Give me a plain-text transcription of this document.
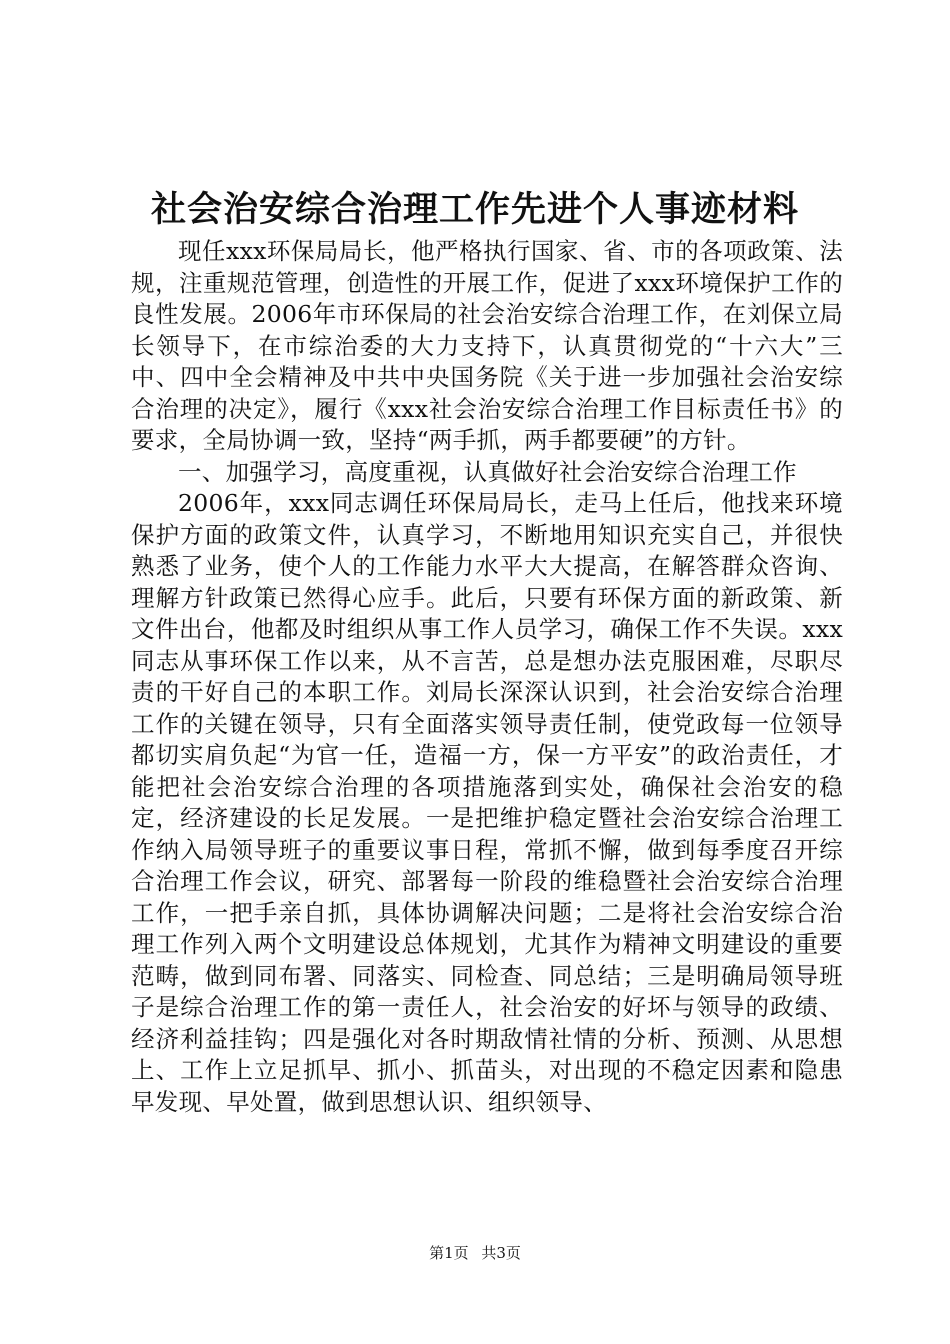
社会治安综合治理工作先进个人事迹材料

现任xxx环保局局长，他严格执行国家、省、市的各项政策、法规，注重规范管理，创造性的开展工作，促进了xxx环境保护工作的良性发展。2006年市环保局的社会治安综合治理工作，在刘保立局长领导下，在市综治委的大力支持下，认真贯彻党的“十六大”三中、四中全会精神及中共中央国务院《关于进一步加强社会治安综合治理的决定》，履行《xxx社会治安综合治理工作目标责任书》的要求，全局协调一致，坚持“两手抓，两手都要硬”的方针。

一、加强学习，高度重视，认真做好社会治安综合治理工作

2006年，xxx同志调任环保局局长，走马上任后，他找来环境保护方面的政策文件，认真学习，不断地用知识充实自己，并很快熟悉了业务，使个人的工作能力水平大大提高，在解答群众咨询、理解方针政策已然得心应手。此后，只要有环保方面的新政策、新文件出台，他都及时组织从事工作人员学习，确保工作不失误。xxx同志从事环保工作以来，从不言苦，总是想办法克服困难，尽职尽责的干好自己的本职工作。刘局长深深认识到，社会治安综合治理工作的关键在领导，只有全面落实领导责任制，使党政每一位领导都切实肩负起“为官一任，造福一方，保一方平安”的政治责任，才能把社会治安综合治理的各项措施落到实处，确保社会治安的稳定，经济建设的长足发展。一是把维护稳定暨社会治安综合治理工作纳入局领导班子的重要议事日程，常抓不懈，做到每季度召开综合治理工作会议，研究、部署每一阶段的维稳暨社会治安综合治理工作，一把手亲自抓，具体协调解决问题；二是将社会治安综合治理工作列入两个文明建设总体规划，尤其作为精神文明建设的重要范畴，做到同布署、同落实、同检查、同总结；三是明确局领导班子是综合治理工作的第一责任人，社会治安的好坏与领导的政绩、经济利益挂钩；四是强化对各时期敌情社情的分析、预测、从思想上、工作上立足抓早、抓小、抓苗头，对出现的不稳定因素和隐患早发现、早处置，做到思想认识、组织领导、

第1页 共3页
